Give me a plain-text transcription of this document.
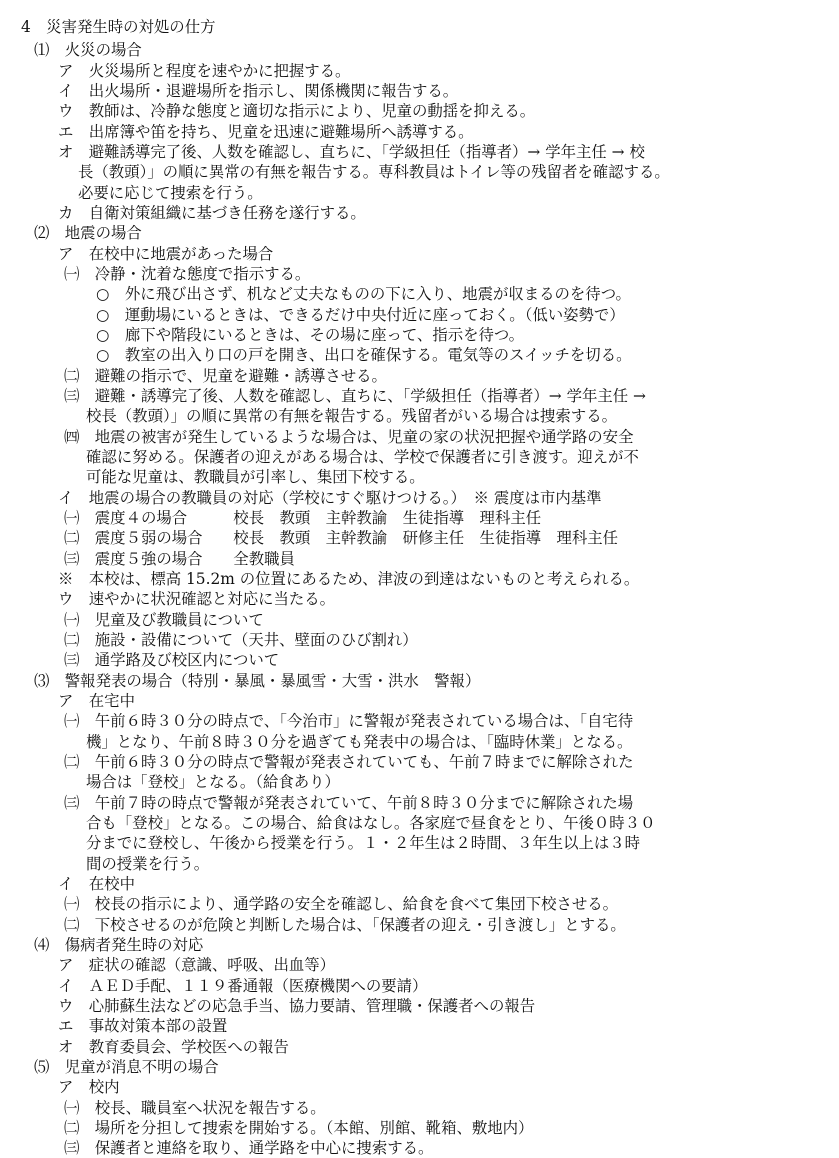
4　災害発生時の対処の仕方
⑴　火災の場合
ア　火災場所と程度を速やかに把握する。
イ　出火場所・退避場所を指示し、関係機関に報告する。
ウ　教師は、冷静な態度と適切な指示により、児童の動揺を抑える。
エ　出席簿や笛を持ち、児童を迅速に避難場所へ誘導する。
オ　避難誘導完了後、人数を確認し、直ちに、「学級担任（指導者）→ 学年主任 → 校
長（教頭）」の順に異常の有無を報告する。専科教員はトイレ等の残留者を確認する。
必要に応じて捜索を行う。
カ　自衛対策組織に基づき任務を遂行する。
⑵　地震の場合
ア　在校中に地震があった場合
㈠　冷静・沈着な態度で指示する。
○　外に飛び出さず、机など丈夫なものの下に入り、地震が収まるのを待つ。
○　運動場にいるときは、できるだけ中央付近に座っておく。（低い姿勢で）
○　廊下や階段にいるときは、その場に座って、指示を待つ。
○　教室の出入り口の戸を開き、出口を確保する。電気等のスイッチを切る。
㈡　避難の指示で、児童を避難・誘導させる。
㈢　避難・誘導完了後、人数を確認し、直ちに、「学級担任（指導者）→ 学年主任 →
校長（教頭）」の順に異常の有無を報告する。残留者がいる場合は捜索する。
㈣　地震の被害が発生しているような場合は、児童の家の状況把握や通学路の安全
確認に努める。保護者の迎えがある場合は、学校で保護者に引き渡す。迎えが不
可能な児童は、教職員が引率し、集団下校する。
イ　地震の場合の教職員の対応（学校にすぐ駆けつける。）　※ 震度は市内基準
㈠　震度４の場合　　　校長　教頭　主幹教諭　生徒指導　理科主任
㈡　震度５弱の場合　　校長　教頭　主幹教諭　研修主任　生徒指導　理科主任
㈢　震度５強の場合　　全教職員
※　本校は、標高 15.2m の位置にあるため、津波の到達はないものと考えられる。
ウ　速やかに状況確認と対応に当たる。
㈠　児童及び教職員について
㈡　施設・設備について（天井、壁面のひび割れ）
㈢　通学路及び校区内について
⑶　警報発表の場合（特別・暴風・暴風雪・大雪・洪水　警報）
ア　在宅中
㈠　午前６時３０分の時点で、「今治市」に警報が発表されている場合は、「自宅待
機」となり、午前８時３０分を過ぎても発表中の場合は、「臨時休業」となる。
㈡　午前６時３０分の時点で警報が発表されていても、午前７時までに解除された
場合は「登校」となる。（給食あり）
㈢　午前７時の時点で警報が発表されていて、午前８時３０分までに解除された場
合も「登校」となる。この場合、給食はなし。各家庭で昼食をとり、午後０時３０
分までに登校し、午後から授業を行う。１・２年生は２時間、３年生以上は３時
間の授業を行う。
イ　在校中
㈠　校長の指示により、通学路の安全を確認し、給食を食べて集団下校させる。
㈡　下校させるのが危険と判断した場合は、「保護者の迎え・引き渡し」とする。
⑷　傷病者発生時の対応
ア　症状の確認（意識、呼吸、出血等）
イ　ＡＥＤ手配、１１９番通報（医療機関への要請）
ウ　心肺蘇生法などの応急手当、協力要請、管理職・保護者への報告
エ　事故対策本部の設置
オ　教育委員会、学校医への報告
⑸　児童が消息不明の場合
ア　校内
㈠　校長、職員室へ状況を報告する。
㈡　場所を分担して捜索を開始する。（本館、別館、靴箱、敷地内）
㈢　保護者と連絡を取り、通学路を中心に捜索する。
